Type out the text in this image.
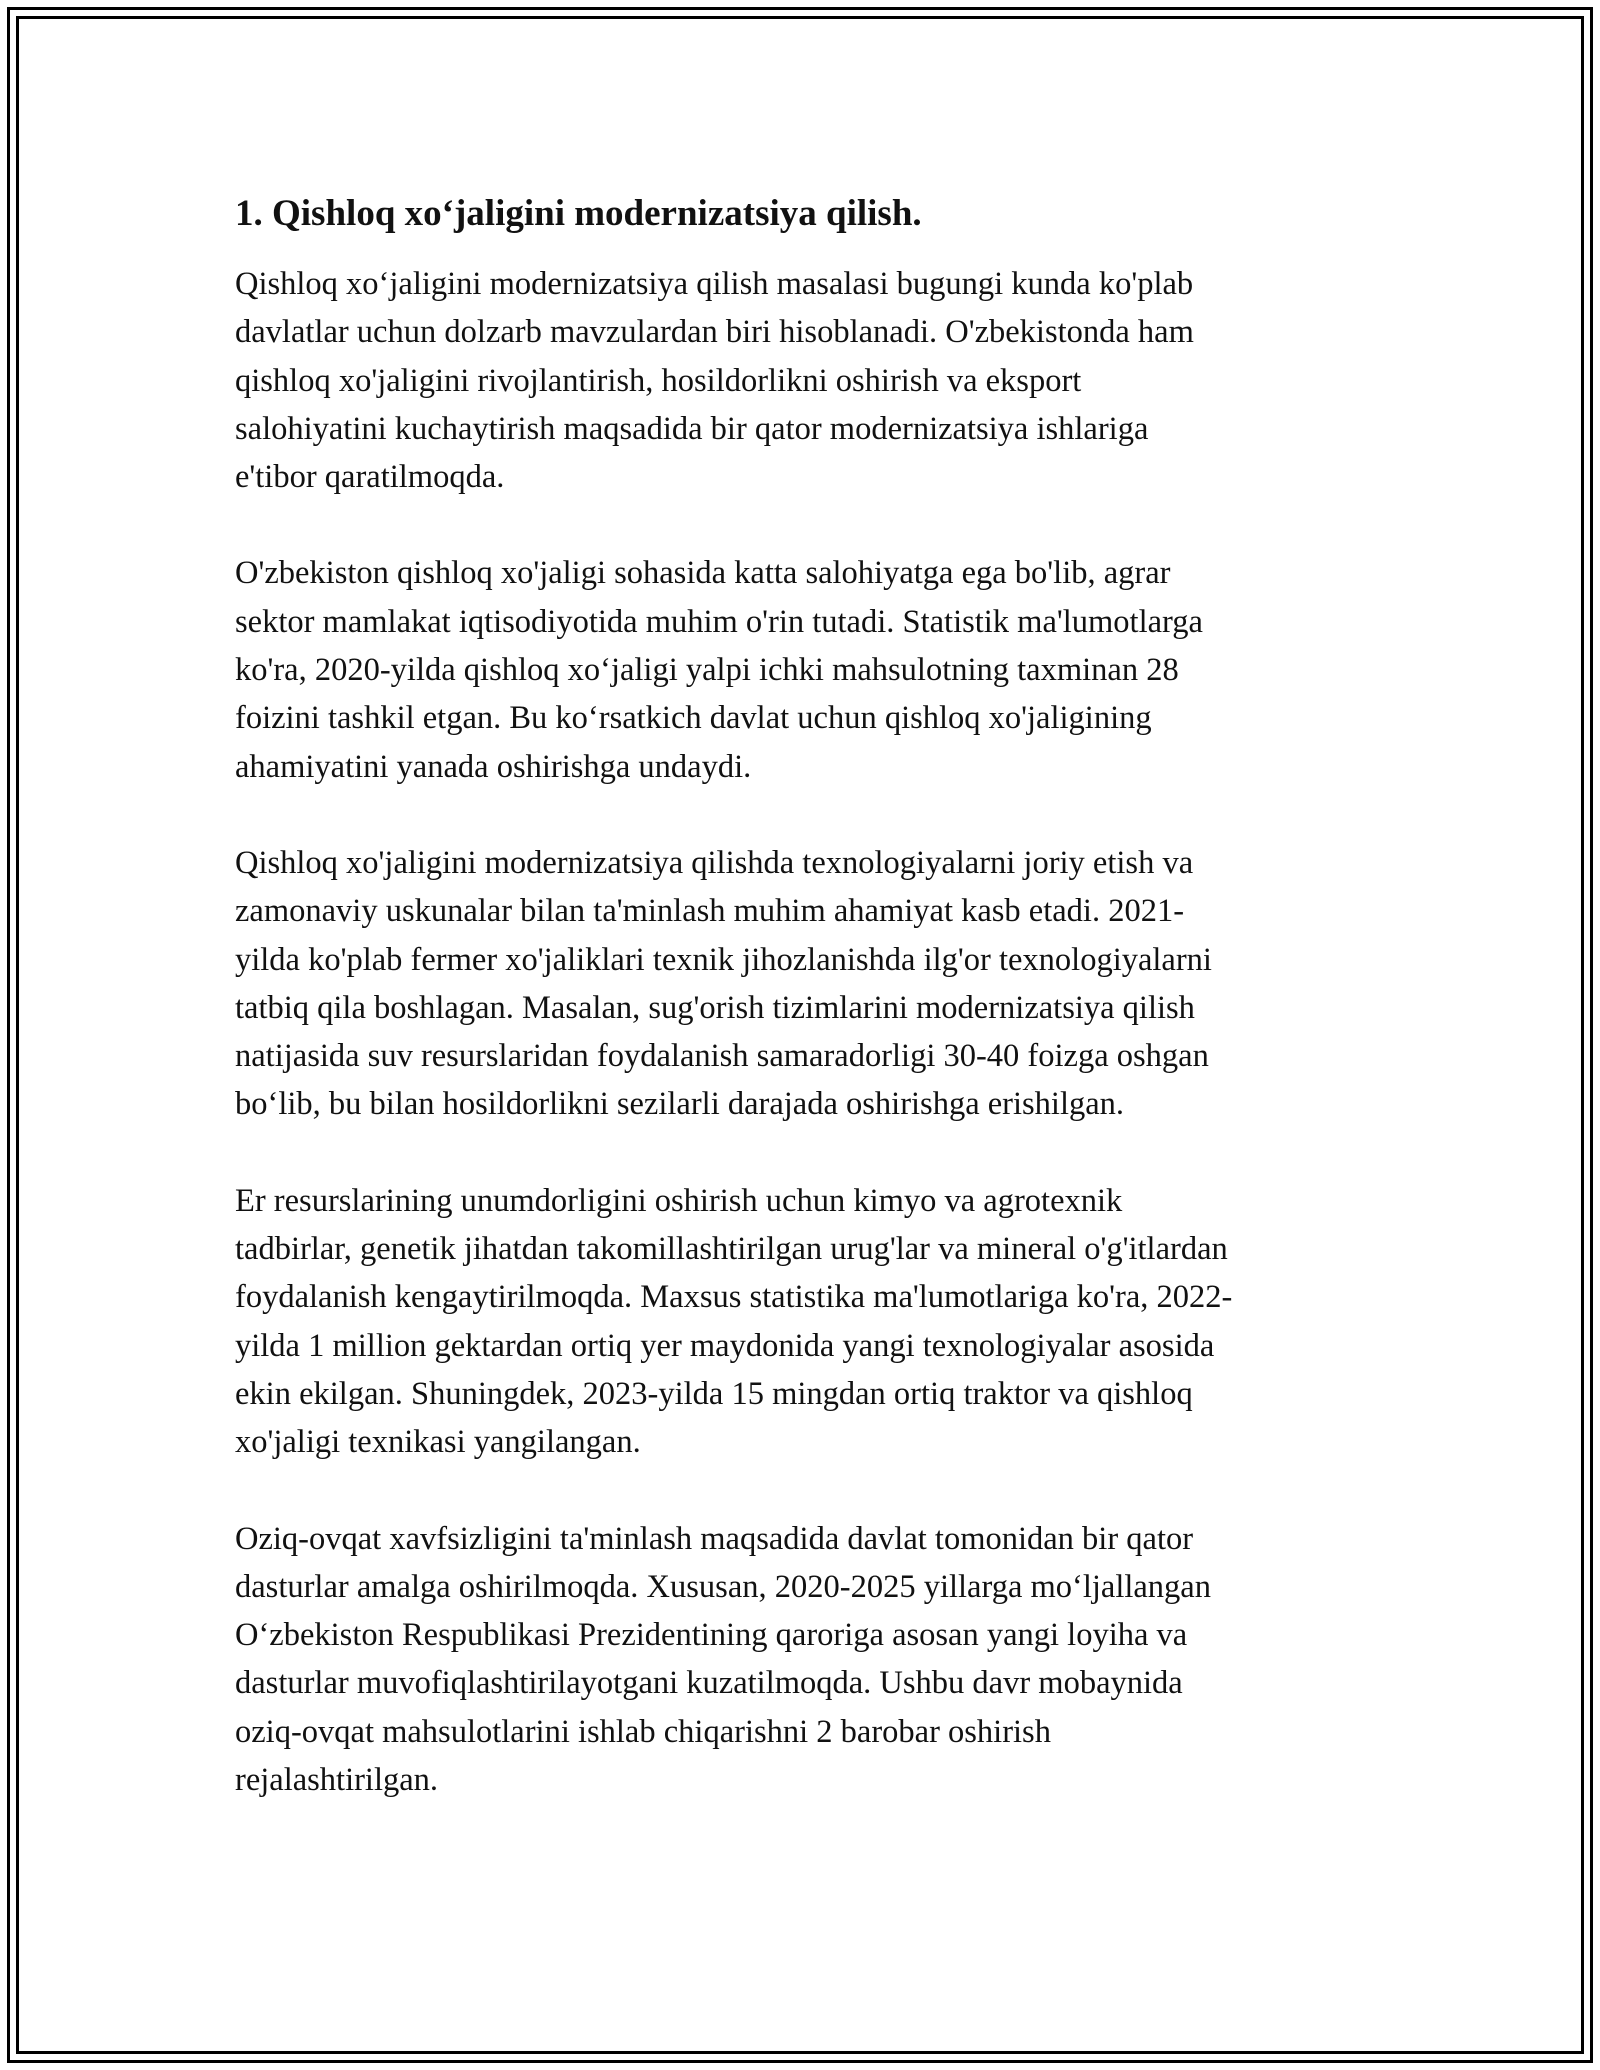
1. Qishloq xo‘jaligini modernizatsiya qilish.

Qishloq xo‘jaligini modernizatsiya qilish masalasi bugungi kunda ko'plab
davlatlar uchun dolzarb mavzulardan biri hisoblanadi. O'zbekistonda ham
qishloq xo'jaligini rivojlantirish, hosildorlikni oshirish va eksport
salohiyatini kuchaytirish maqsadida bir qator modernizatsiya ishlariga
e'tibor qaratilmoqda.

O'zbekiston qishloq xo'jaligi sohasida katta salohiyatga ega bo'lib, agrar
sektor mamlakat iqtisodiyotida muhim o'rin tutadi. Statistik ma'lumotlarga
ko'ra, 2020-yilda qishloq xo‘jaligi yalpi ichki mahsulotning taxminan 28
foizini tashkil etgan. Bu ko‘rsatkich davlat uchun qishloq xo'jaligining
ahamiyatini yanada oshirishga undaydi.

Qishloq xo'jaligini modernizatsiya qilishda texnologiyalarni joriy etish va
zamonaviy uskunalar bilan ta'minlash muhim ahamiyat kasb etadi. 2021-
yilda ko'plab fermer xo'jaliklari texnik jihozlanishda ilg'or texnologiyalarni
tatbiq qila boshlagan. Masalan, sug'orish tizimlarini modernizatsiya qilish
natijasida suv resurslaridan foydalanish samaradorligi 30-40 foizga oshgan
bo‘lib, bu bilan hosildorlikni sezilarli darajada oshirishga erishilgan.

Er resurslarining unumdorligini oshirish uchun kimyo va agrotexnik
tadbirlar, genetik jihatdan takomillashtirilgan urug'lar va mineral o'g'itlardan
foydalanish kengaytirilmoqda. Maxsus statistika ma'lumotlariga ko'ra, 2022-
yilda 1 million gektardan ortiq yer maydonida yangi texnologiyalar asosida
ekin ekilgan. Shuningdek, 2023-yilda 15 mingdan ortiq traktor va qishloq
xo'jaligi texnikasi yangilangan.

Oziq-ovqat xavfsizligini ta'minlash maqsadida davlat tomonidan bir qator
dasturlar amalga oshirilmoqda. Xususan, 2020-2025 yillarga mo‘ljallangan
O‘zbekiston Respublikasi Prezidentining qaroriga asosan yangi loyiha va
dasturlar muvofiqlashtirilayotgani kuzatilmoqda. Ushbu davr mobaynida
oziq-ovqat mahsulotlarini ishlab chiqarishni 2 barobar oshirish
rejalashtirilgan.
